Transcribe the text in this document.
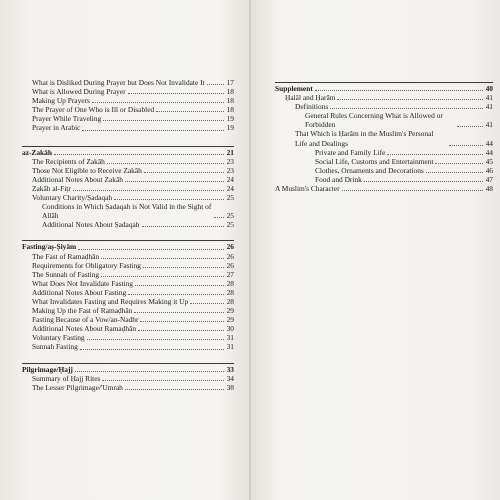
What is Disliked During Prayer but Does Not Invalidate It	17
What is Allowed During Prayer	18
Making Up Prayers	18
The Prayer of One Who is Ill or Disabled	18
Prayer While Traveling	19
Prayer in Arabic	19
az-Zakāh	21
The Recipients of Zakāh	23
Those Not Eligible to Receive Zakāh	23
Additional Notes About Zakāh	24
Zakāh al-Fiṭr	24
Voluntary Charity/Ṣadaqah	25
Conditions in Which Ṣadaqah is Not Valid in the Sight of Allāh	25
Additional Notes About Ṣadaqah	25
Fasting/aṣ-Ṣiyām	26
The Fast of Ramaḍhān	26
Requirements for Obligatory Fasting	26
The Sunnah of Fasting	27
What Does Not Invalidate Fasting	28
Additional Notes About Fasting	28
What Invalidates Fasting and Requires Making it Up	28
Making Up the Fast of Ramaḍhān	29
Fasting Because of a Vow/an-Nadhr	29
Additional Notes About Ramaḍhān	30
Voluntary Fasting	31
Sunnah Fasting	31
Pilgrimage/Ḥajj	33
Summary of Ḥajj Rites	34
The Lesser Pilgrimage/'Umrah	38
Supplement	40
Ḥalāl and Ḥarām	41
Definitions	41
General Rules Concerning What is Allowed or Forbidden	41
That Which is Ḥarām in the Muslim's Personal Life and Dealings	44
Private and Family Life	44
Social Life, Customs and Entertainment	45
Clothes, Ornaments and Decorations	46
Food and Drink	47
A Muslim's Character	48
